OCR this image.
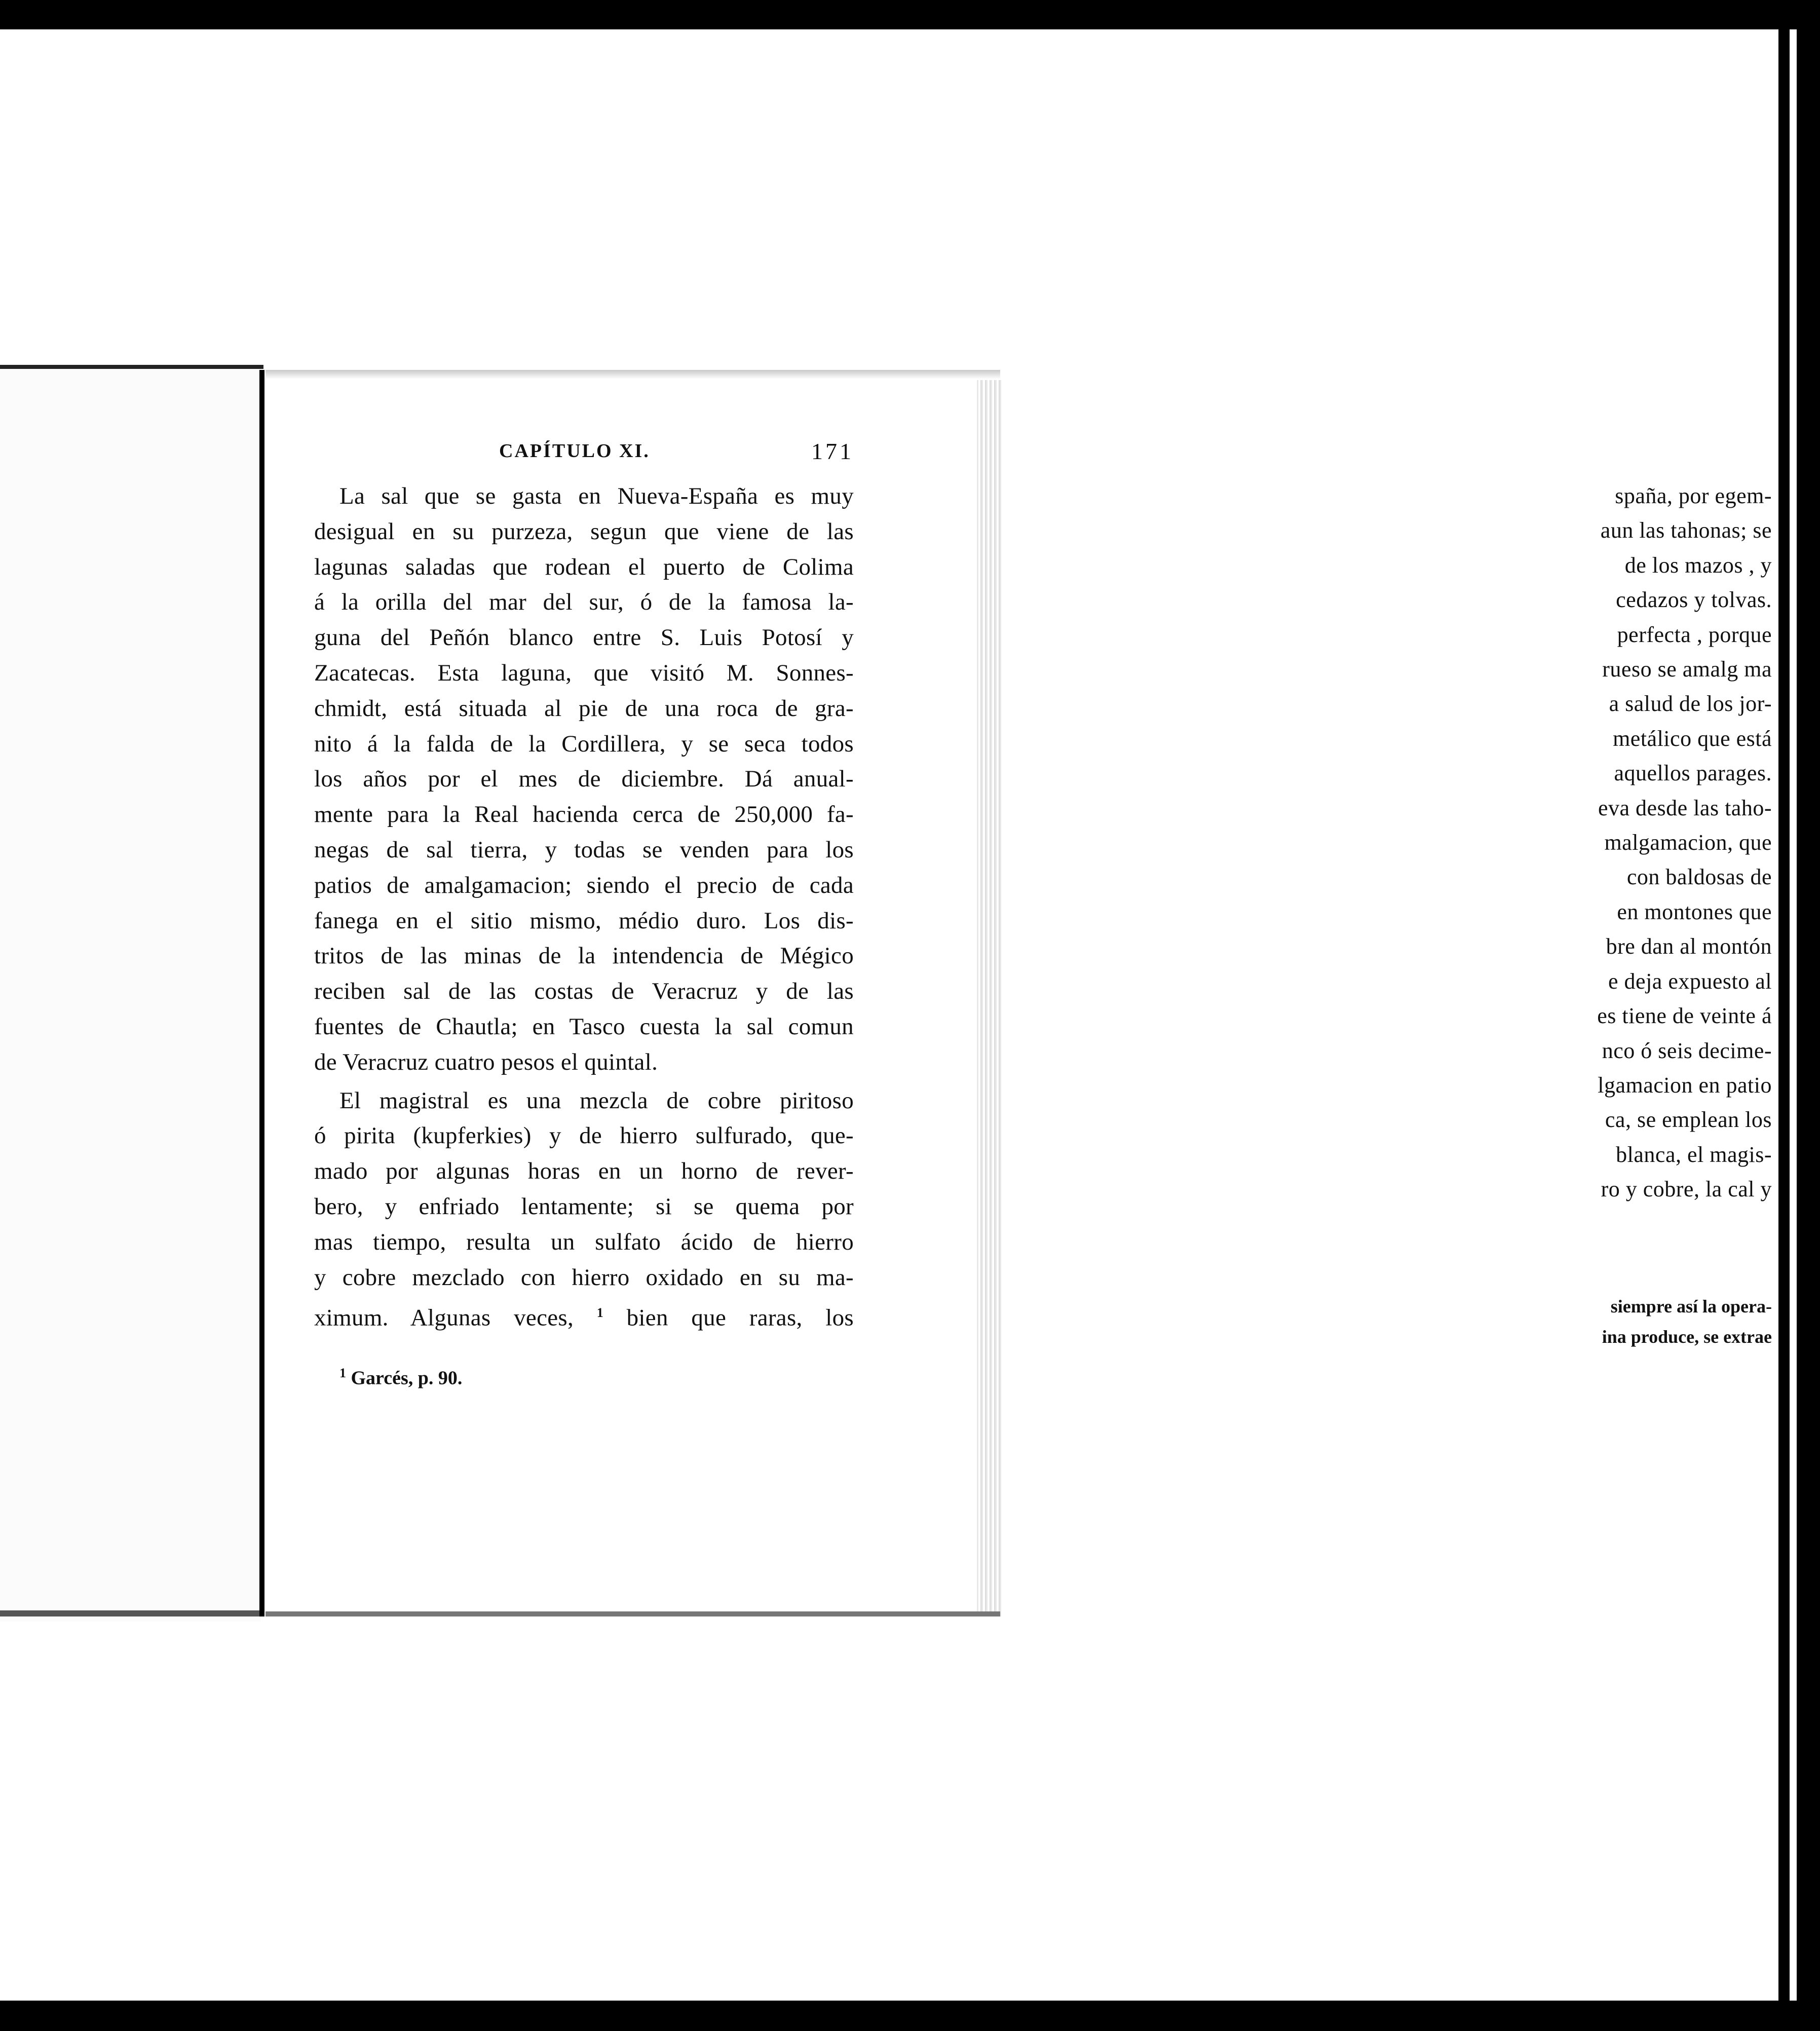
spaña, por egem-
aun las tahonas; se
de los mazos , y
cedazos y tolvas.
perfecta , porque
rueso se amalg ma
a salud de los jor-
metálico que está
aquellos parages.
eva desde las taho-
malgamacion, que
con baldosas de
en montones que
bre dan al montón
e deja expuesto al
es tiene de veinte á
nco ó seis decime-
lgamacion en patio
ca, se emplean los
blanca, el magis-
ro y cobre, la cal y
siempre así la opera-
ina produce, se extrae
CAPÍTULO XI.	171
La sal que se gasta en Nueva-España es muy
desigual en su purzeza, segun que viene de las
lagunas saladas que rodean el puerto de Colima
á la orilla del mar del sur, ó de la famosa la-
guna del Peñón blanco entre S. Luis Potosí y
Zacatecas. Esta laguna, que visitó M. Sonnes-
chmidt, está situada al pie de una roca de gra-
nito á la falda de la Cordillera, y se seca todos
los años por el mes de diciembre. Dá anual-
mente para la Real hacienda cerca de 250,000 fa-
negas de sal tierra, y todas se venden para los
patios de amalgamacion; siendo el precio de cada
fanega en el sitio mismo, médio duro. Los dis-
tritos de las minas de la intendencia de Mégico
reciben sal de las costas de Veracruz y de las
fuentes de Chautla; en Tasco cuesta la sal comun
de Veracruz cuatro pesos el quintal.
El magistral es una mezcla de cobre piritoso
ó pirita (kupferkies) y de hierro sulfurado, que-
mado por algunas horas en un horno de rever-
bero, y enfriado lentamente; si se quema por
mas tiempo, resulta un sulfato ácido de hierro
y cobre mezclado con hierro oxidado en su ma-
ximum. Algunas veces, $^1$ bien que raras, los
$^1$ Garcés, p. 90.
